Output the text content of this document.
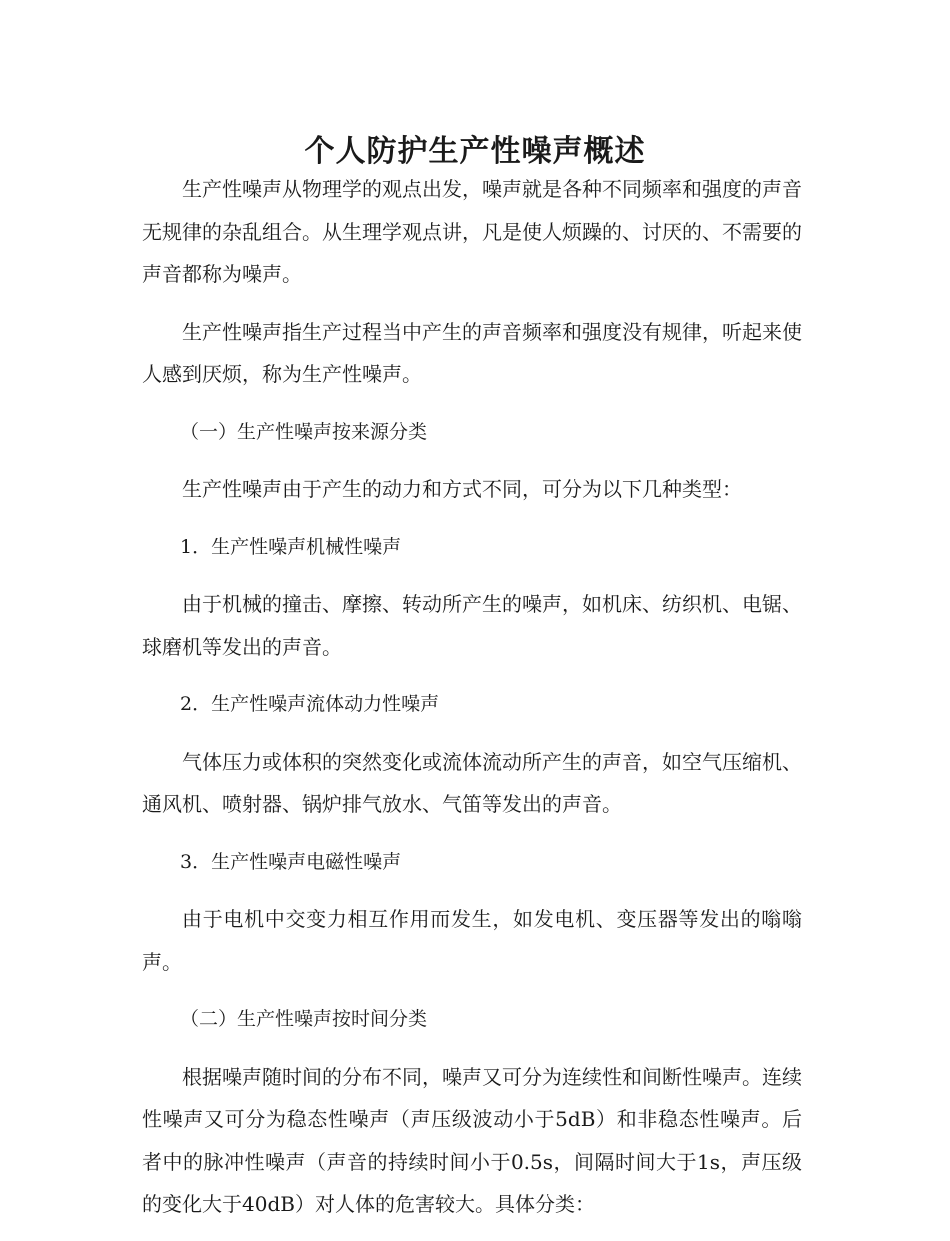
个人防护生产性噪声概述

生产性噪声从物理学的观点出发，噪声就是各种不同频率和强度的声音无规律的杂乱组合。从生理学观点讲，凡是使人烦躁的、讨厌的、不需要的声音都称为噪声。

生产性噪声指生产过程当中产生的声音频率和强度没有规律，听起来使人感到厌烦，称为生产性噪声。

（一）生产性噪声按来源分类

生产性噪声由于产生的动力和方式不同，可分为以下几种类型：

1．生产性噪声机械性噪声

由于机械的撞击、摩擦、转动所产生的噪声，如机床、纺织机、电锯、球磨机等发出的声音。

2．生产性噪声流体动力性噪声

气体压力或体积的突然变化或流体流动所产生的声音，如空气压缩机、通风机、喷射器、锅炉排气放水、气笛等发出的声音。

3．生产性噪声电磁性噪声

由于电机中交变力相互作用而发生，如发电机、变压器等发出的嗡嗡声。

（二）生产性噪声按时间分类

根据噪声随时间的分布不同，噪声又可分为连续性和间断性噪声。连续性噪声又可分为稳态性噪声（声压级波动小于5dB）和非稳态性噪声。后者中的脉冲性噪声（声音的持续时间小于0.5s，间隔时间大于1s，声压级的变化大于40dB）对人体的危害较大。具体分类：
